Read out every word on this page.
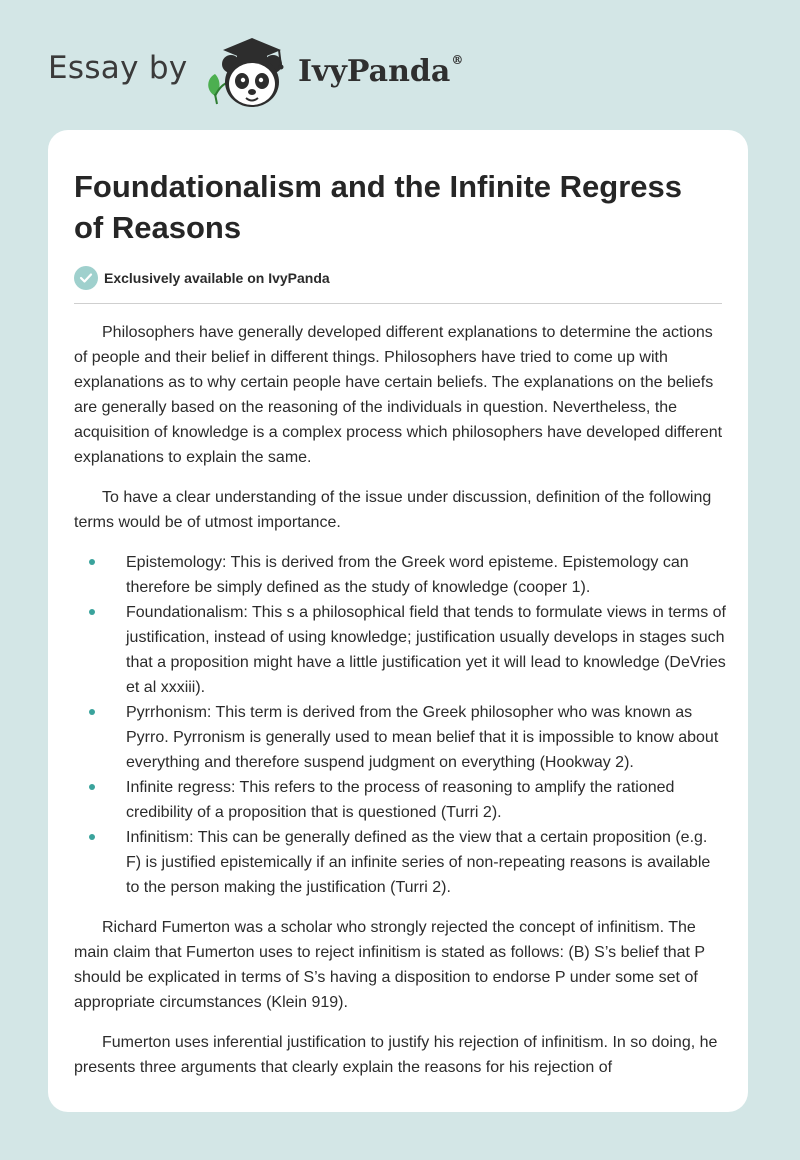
Essay by	IvyPanda®
Foundationalism and the Infinite Regress of Reasons
Exclusively available on IvyPanda

Philosophers have generally developed different explanations to determine the actions of people and their belief in different things. Philosophers have tried to come up with explanations as to why certain people have certain beliefs. The explanations on the beliefs are generally based on the reasoning of the individuals in question. Nevertheless, the acquisition of knowledge is a complex process which philosophers have developed different explanations to explain the same.

To have a clear understanding of the issue under discussion, definition of the following terms would be of utmost importance.

Epistemology: This is derived from the Greek word episteme. Epistemology can therefore be simply defined as the study of knowledge (cooper 1).
Foundationalism: This s a philosophical field that tends to formulate views in terms of justification, instead of using knowledge; justification usually develops in stages such that a proposition might have a little justification yet it will lead to knowledge (DeVries et al xxxiii).
Pyrrhonism: This term is derived from the Greek philosopher who was known as Pyrro. Pyrronism is generally used to mean belief that it is impossible to know about everything and therefore suspend judgment on everything (Hookway 2).
Infinite regress: This refers to the process of reasoning to amplify the rationed credibility of a proposition that is questioned (Turri 2).
Infinitism: This can be generally defined as the view that a certain proposition (e.g. F) is justified epistemically if an infinite series of non-repeating reasons is available to the person making the justification (Turri 2).

Richard Fumerton was a scholar who strongly rejected the concept of infinitism. The main claim that Fumerton uses to reject infinitism is stated as follows: (B) S’s belief that P should be explicated in terms of S’s having a disposition to endorse P under some set of appropriate circumstances (Klein 919).

Fumerton uses inferential justification to justify his rejection of infinitism. In so doing, he presents three arguments that clearly explain the reasons for his rejection of
